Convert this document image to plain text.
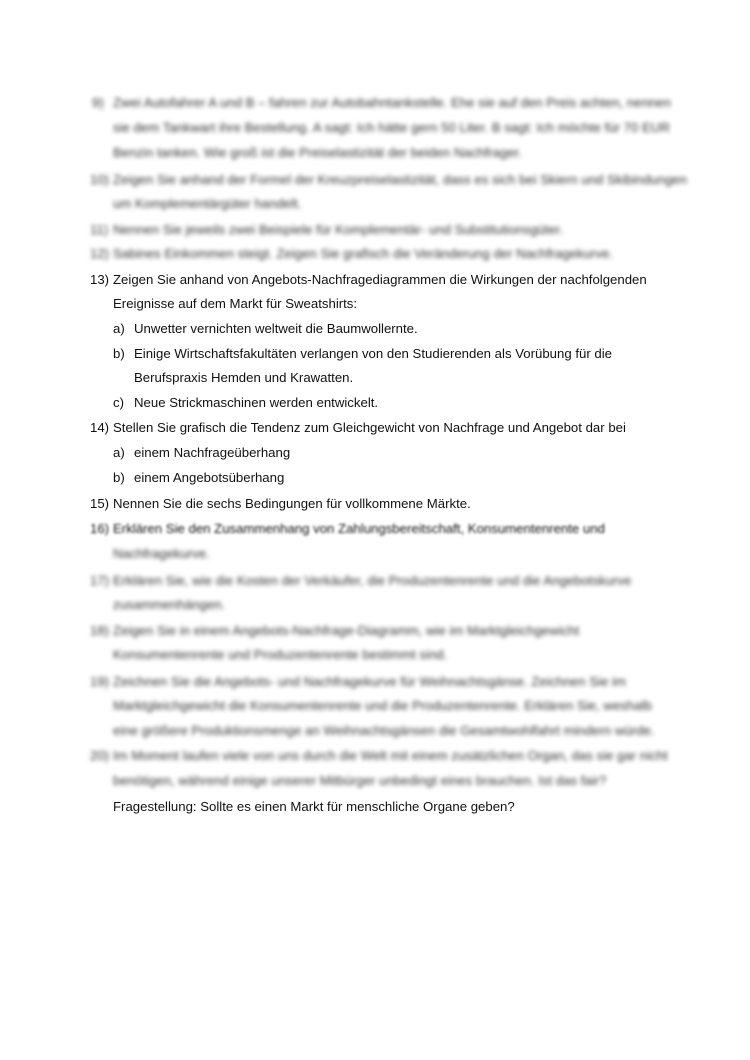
9) Zwei Autofahrer A und B – fahren zur Autobahntankstelle. Ehe sie auf den Preis achten, nennen
sie dem Tankwart ihre Bestellung. A sagt: Ich hätte gern 50 Liter. B sagt: Ich möchte für 70 EUR
Benzin tanken. Wie groß ist die Preiselastizität der beiden Nachfrager.
10) Zeigen Sie anhand der Formel der Kreuzpreiselastizität, dass es sich bei Skiern und Skibindungen
um Komplementärgüter handelt.
11) Nennen Sie jeweils zwei Beispiele für Komplementär- und Substitutionsgüter.
12) Sabines Einkommen steigt. Zeigen Sie grafisch die Veränderung der Nachfragekurve.
13) Zeigen Sie anhand von Angebots-Nachfragediagrammen die Wirkungen der nachfolgenden
Ereignisse auf dem Markt für Sweatshirts:
a) Unwetter vernichten weltweit die Baumwollernte.
b) Einige Wirtschaftsfakultäten verlangen von den Studierenden als Vorübung für die
Berufspraxis Hemden und Krawatten.
c) Neue Strickmaschinen werden entwickelt.
14) Stellen Sie grafisch die Tendenz zum Gleichgewicht von Nachfrage und Angebot dar bei
a) einem Nachfrageüberhang
b) einem Angebotsüberhang
15) Nennen Sie die sechs Bedingungen für vollkommene Märkte.
16) Erklären Sie den Zusammenhang von Zahlungsbereitschaft, Konsumentenrente und
Nachfragekurve.
17) Erklären Sie, wie die Kosten der Verkäufer, die Produzentenrente und die Angebotskurve
zusammenhängen.
18) Zeigen Sie in einem Angebots-Nachfrage-Diagramm, wie im Marktgleichgewicht
Konsumentenrente und Produzentenrente bestimmt sind.
19) Zeichnen Sie die Angebots- und Nachfragekurve für Weihnachtsgänse. Zeichnen Sie im
Marktgleichgewicht die Konsumentenrente und die Produzentenrente. Erklären Sie, weshalb
eine größere Produktionsmenge an Weihnachtsgänsen die Gesamtwohlfahrt mindern würde.
20) Im Moment laufen viele von uns durch die Welt mit einem zusätzlichen Organ, das sie gar nicht
benötigen, während einige unserer Mitbürger unbedingt eines brauchen. Ist das fair?
Fragestellung: Sollte es einen Markt für menschliche Organe geben?
